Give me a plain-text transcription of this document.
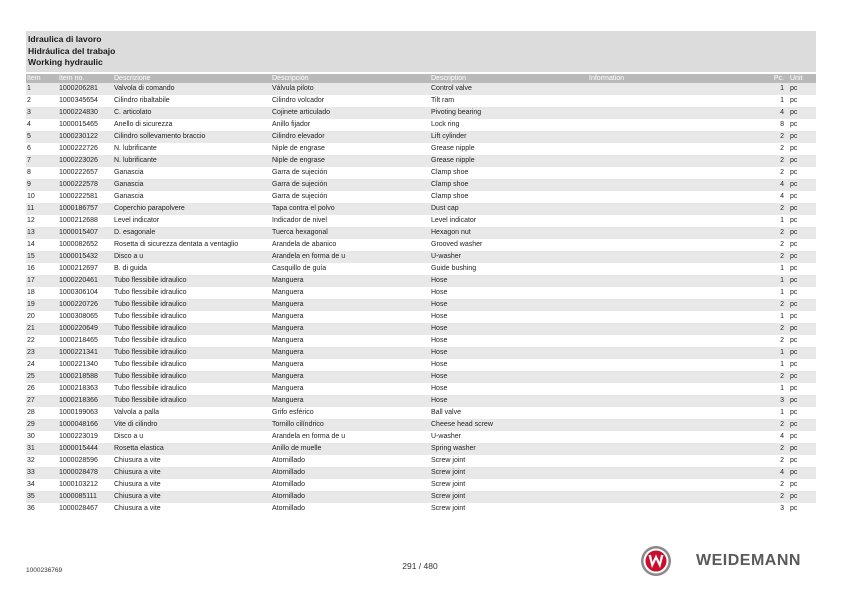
Idraulica di lavoro
Hidráulica del trabajo
Working hydraulic
Item	Item no.	Descrizione	Descripción	Description	Information	Pc.	Unit
1	1000206281	Valvola di comando	Válvula piloto	Control valve		1	pc
2	1000345654	Cilindro ribaltabile	Cilindro volcador	Tilt ram		1	pc
3	1000224830	C. articolato	Cojinete articulado	Pivoting bearing		4	pc
4	1000015465	Anello di sicurezza	Anillo fijador	Lock ring		8	pc
5	1000230122	Cilindro sollevamento braccio	Cilindro elevador	Lift cylinder		2	pc
6	1000222726	N. lubrificante	Niple de engrase	Grease nipple		2	pc
7	1000223026	N. lubrificante	Niple de engrase	Grease nipple		2	pc
8	1000222657	Ganascia	Garra de sujeción	Clamp shoe		2	pc
9	1000222578	Ganascia	Garra de sujeción	Clamp shoe		4	pc
10	1000222581	Ganascia	Garra de sujeción	Clamp shoe		4	pc
11	1000186757	Coperchio parapolvere	Tapa contra el polvo	Dust cap		2	pc
12	1000212688	Level indicator	Indicador de nivel	Level indicator		1	pc
13	1000015407	D. esagonale	Tuerca hexagonal	Hexagon nut		2	pc
14	1000082652	Rosetta di sicurezza dentata a ventaglio	Arandela de abanico	Grooved washer		2	pc
15	1000015432	Disco a u	Arandela en forma de u	U-washer		2	pc
16	1000212697	B. di guida	Casquillo de guía	Guide bushing		1	pc
17	1000220461	Tubo flessibile idraulico	Manguera	Hose		1	pc
18	1000306104	Tubo flessibile idraulico	Manguera	Hose		1	pc
19	1000220726	Tubo flessibile idraulico	Manguera	Hose		2	pc
20	1000308065	Tubo flessibile idraulico	Manguera	Hose		1	pc
21	1000220649	Tubo flessibile idraulico	Manguera	Hose		2	pc
22	1000218465	Tubo flessibile idraulico	Manguera	Hose		2	pc
23	1000221341	Tubo flessibile idraulico	Manguera	Hose		1	pc
24	1000221340	Tubo flessibile idraulico	Manguera	Hose		1	pc
25	1000218588	Tubo flessibile idraulico	Manguera	Hose		2	pc
26	1000218363	Tubo flessibile idraulico	Manguera	Hose		1	pc
27	1000218366	Tubo flessibile idraulico	Manguera	Hose		3	pc
28	1000199063	Valvola a palla	Grifo esférico	Ball valve		1	pc
29	1000048166	Vite di cilindro	Tornillo cilíndrico	Cheese head screw		2	pc
30	1000223019	Disco a u	Arandela en forma de u	U-washer		4	pc
31	1000015444	Rosetta elastica	Anillo de muelle	Spring washer		2	pc
32	1000028596	Chiusura a vite	Atornillado	Screw joint		2	pc
33	1000028478	Chiusura a vite	Atornillado	Screw joint		4	pc
34	1000103212	Chiusura a vite	Atornillado	Screw joint		2	pc
35	1000085111	Chiusura a vite	Atornillado	Screw joint		2	pc
36	1000028467	Chiusura a vite	Atornillado	Screw joint		3	pc
1000236769	291 / 480	WEIDEMANN
